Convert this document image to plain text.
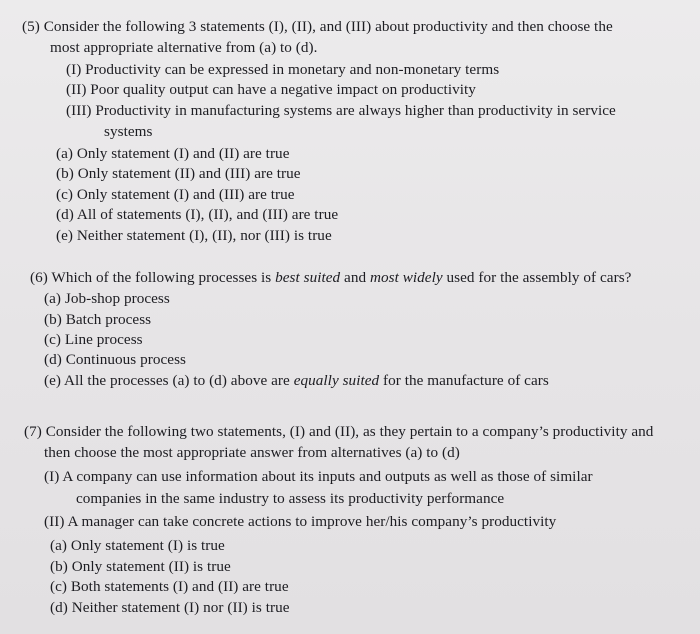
(5) Consider the following 3 statements (I), (II), and (III) about productivity and then choose the
most appropriate alternative from (a) to (d).
(I) Productivity can be expressed in monetary and non-monetary terms
(II) Poor quality output can have a negative impact on productivity
(III) Productivity in manufacturing systems are always higher than productivity in service
systems
(a) Only statement (I) and (II) are true
(b) Only statement (II) and (III) are true
(c) Only statement (I) and (III) are true
(d) All of statements (I), (II), and (III) are true
(e) Neither statement (I), (II), nor (III) is true
(6) Which of the following processes is best suited and most widely used for the assembly of cars?
(a) Job-shop process
(b) Batch process
(c) Line process
(d) Continuous process
(e) All the processes (a) to (d) above are equally suited for the manufacture of cars
(7) Consider the following two statements, (I) and (II), as they pertain to a company’s productivity and
then choose the most appropriate answer from alternatives (a) to (d)
(I) A company can use information about its inputs and outputs as well as those of similar
companies in the same industry to assess its productivity performance
(II) A manager can take concrete actions to improve her/his company’s productivity
(a) Only statement (I) is true
(b) Only statement (II) is true
(c) Both statements (I) and (II) are true
(d) Neither statement (I) nor (II) is true
